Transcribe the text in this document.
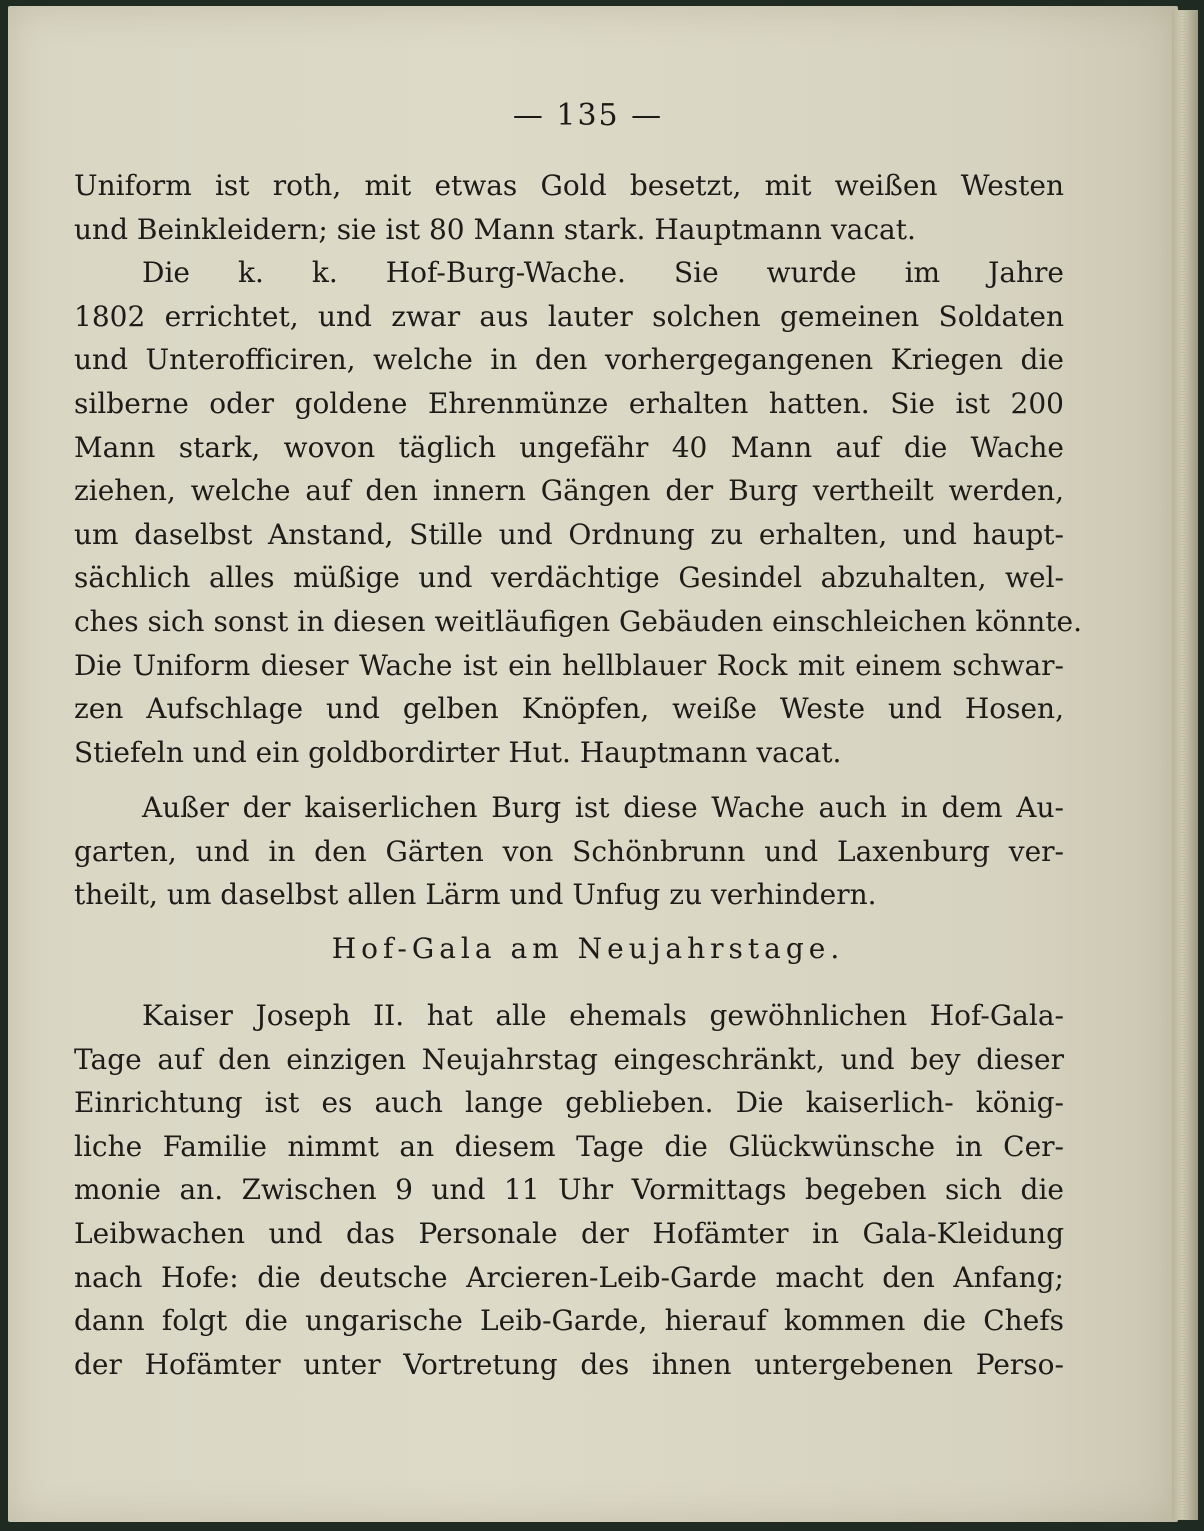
— 135 —
Uniform ist roth, mit etwas Gold besetzt, mit weißen Westen
und Beinkleidern; sie ist 80 Mann stark. Hauptmann vacat.
Die k. k. Hof-Burg-Wache. Sie wurde im Jahre
1802 errichtet, und zwar aus lauter solchen gemeinen Soldaten
und Unterofficiren, welche in den vorhergegangenen Kriegen die
silberne oder goldene Ehrenmünze erhalten hatten. Sie ist 200
Mann stark, wovon täglich ungefähr 40 Mann auf die Wache
ziehen, welche auf den innern Gängen der Burg vertheilt werden,
um daselbst Anstand, Stille und Ordnung zu erhalten, und haupt-
sächlich alles müßige und verdächtige Gesindel abzuhalten, wel-
ches sich sonst in diesen weitläufigen Gebäuden einschleichen könnte.
Die Uniform dieser Wache ist ein hellblauer Rock mit einem schwar-
zen Aufschlage und gelben Knöpfen, weiße Weste und Hosen,
Stiefeln und ein goldbordirter Hut. Hauptmann vacat.
Außer der kaiserlichen Burg ist diese Wache auch in dem Au-
garten, und in den Gärten von Schönbrunn und Laxenburg ver-
theilt, um daselbst allen Lärm und Unfug zu verhindern.
Hof-Gala am Neujahrstage.
Kaiser Joseph II. hat alle ehemals gewöhnlichen Hof-Gala-
Tage auf den einzigen Neujahrstag eingeschränkt, und bey dieser
Einrichtung ist es auch lange geblieben. Die kaiserlich- könig-
liche Familie nimmt an diesem Tage die Glückwünsche in Cer-
monie an. Zwischen 9 und 11 Uhr Vormittags begeben sich die
Leibwachen und das Personale der Hofämter in Gala-Kleidung
nach Hofe: die deutsche Arcieren-Leib-Garde macht den Anfang;
dann folgt die ungarische Leib-Garde, hierauf kommen die Chefs
der Hofämter unter Vortretung des ihnen untergebenen Perso-
